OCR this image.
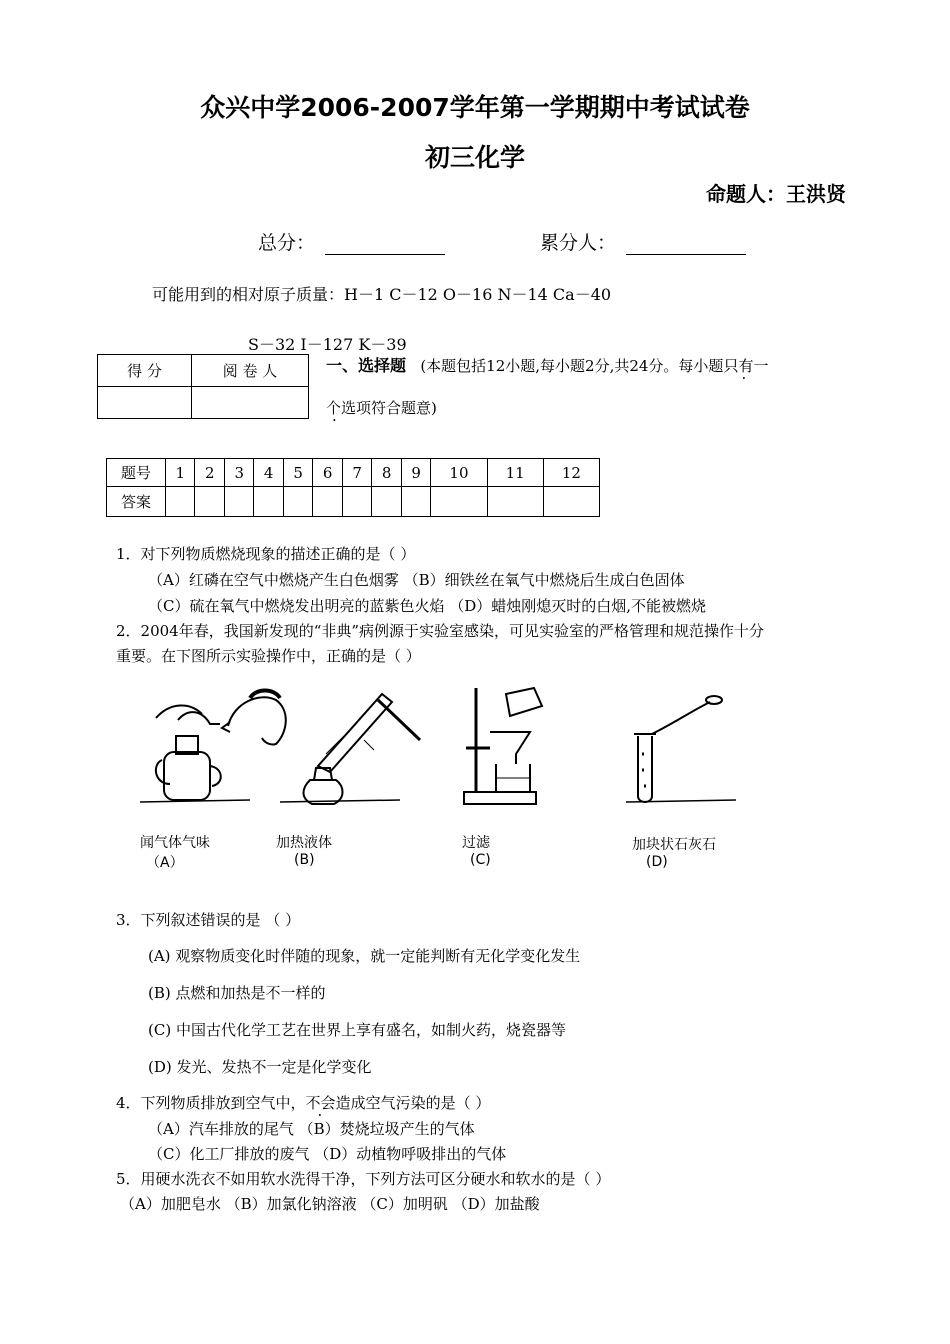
众兴中学2006-2007学年第一学期期中考试试卷
初三化学
命题人：王洪贤
总分：	累分人：
可能用到的相对原子质量：H－1 C－12 O－16 N－14 Ca－40
S－32 I－127 K－39
得 分	阅 卷 人
		一、选择题 (本题包括12小题,每小题2分,共24分。每小题只有一
个选项符合题意)
题号	1	2	3	4	5	6	7	8	9	10	11	12
答案												
1．对下列物质燃烧现象的描述正确的是（ ）
（A）红磷在空气中燃烧产生白色烟雾 （B）细铁丝在氧气中燃烧后生成白色固体
（C）硫在氧气中燃烧发出明亮的蓝紫色火焰 （D）蜡烛刚熄灭时的白烟,不能被燃烧
2．2004年春，我国新发现的“非典”病例源于实验室感染，可见实验室的严格管理和规范操作十分
重要。在下图所示实验操作中，正确的是（ ）
闻气体气味
（A）
加热液体
(B)
过滤
(C)
加块状石灰石
(D)
3．下列叙述错误的是 （ ）
(A) 观察物质变化时伴随的现象，就一定能判断有无化学变化发生
(B) 点燃和加热是不一样的
(C) 中国古代化学工艺在世界上享有盛名，如制火药，烧瓷器等
(D) 发光、发热不一定是化学变化
4．下列物质排放到空气中，不会造成空气污染的是（ ）
（A）汽车排放的尾气 （B）焚烧垃圾产生的气体
（C）化工厂排放的废气 （D）动植物呼吸排出的气体
5．用硬水洗衣不如用软水洗得干净，下列方法可区分硬水和软水的是（ ）
（A）加肥皂水 （B）加氯化钠溶液 （C）加明矾 （D）加盐酸
